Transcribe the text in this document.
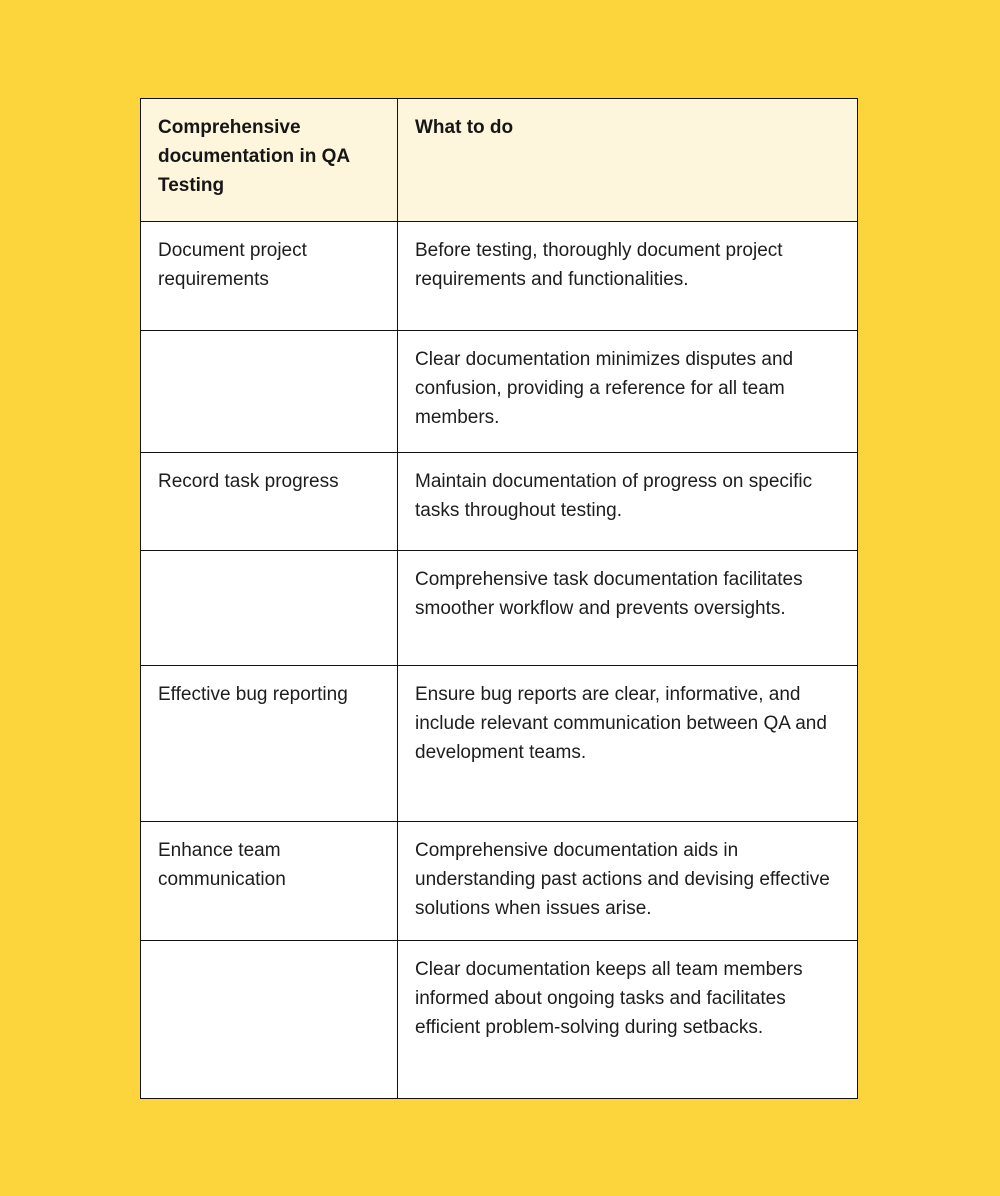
Comprehensive documentation in QA Testing	What to do
Document project requirements	Before testing, thoroughly document project requirements and functionalities.
	Clear documentation minimizes disputes and confusion, providing a reference for all team members.
Record task progress	Maintain documentation of progress on specific tasks throughout testing.
	Comprehensive task documentation facilitates smoother workflow and prevents oversights.
Effective bug reporting	Ensure bug reports are clear, informative, and include relevant communication between QA and development teams.
Enhance team communication	Comprehensive documentation aids in understanding past actions and devising effective solutions when issues arise.
	Clear documentation keeps all team members informed about ongoing tasks and facilitates efficient problem-solving during setbacks.
